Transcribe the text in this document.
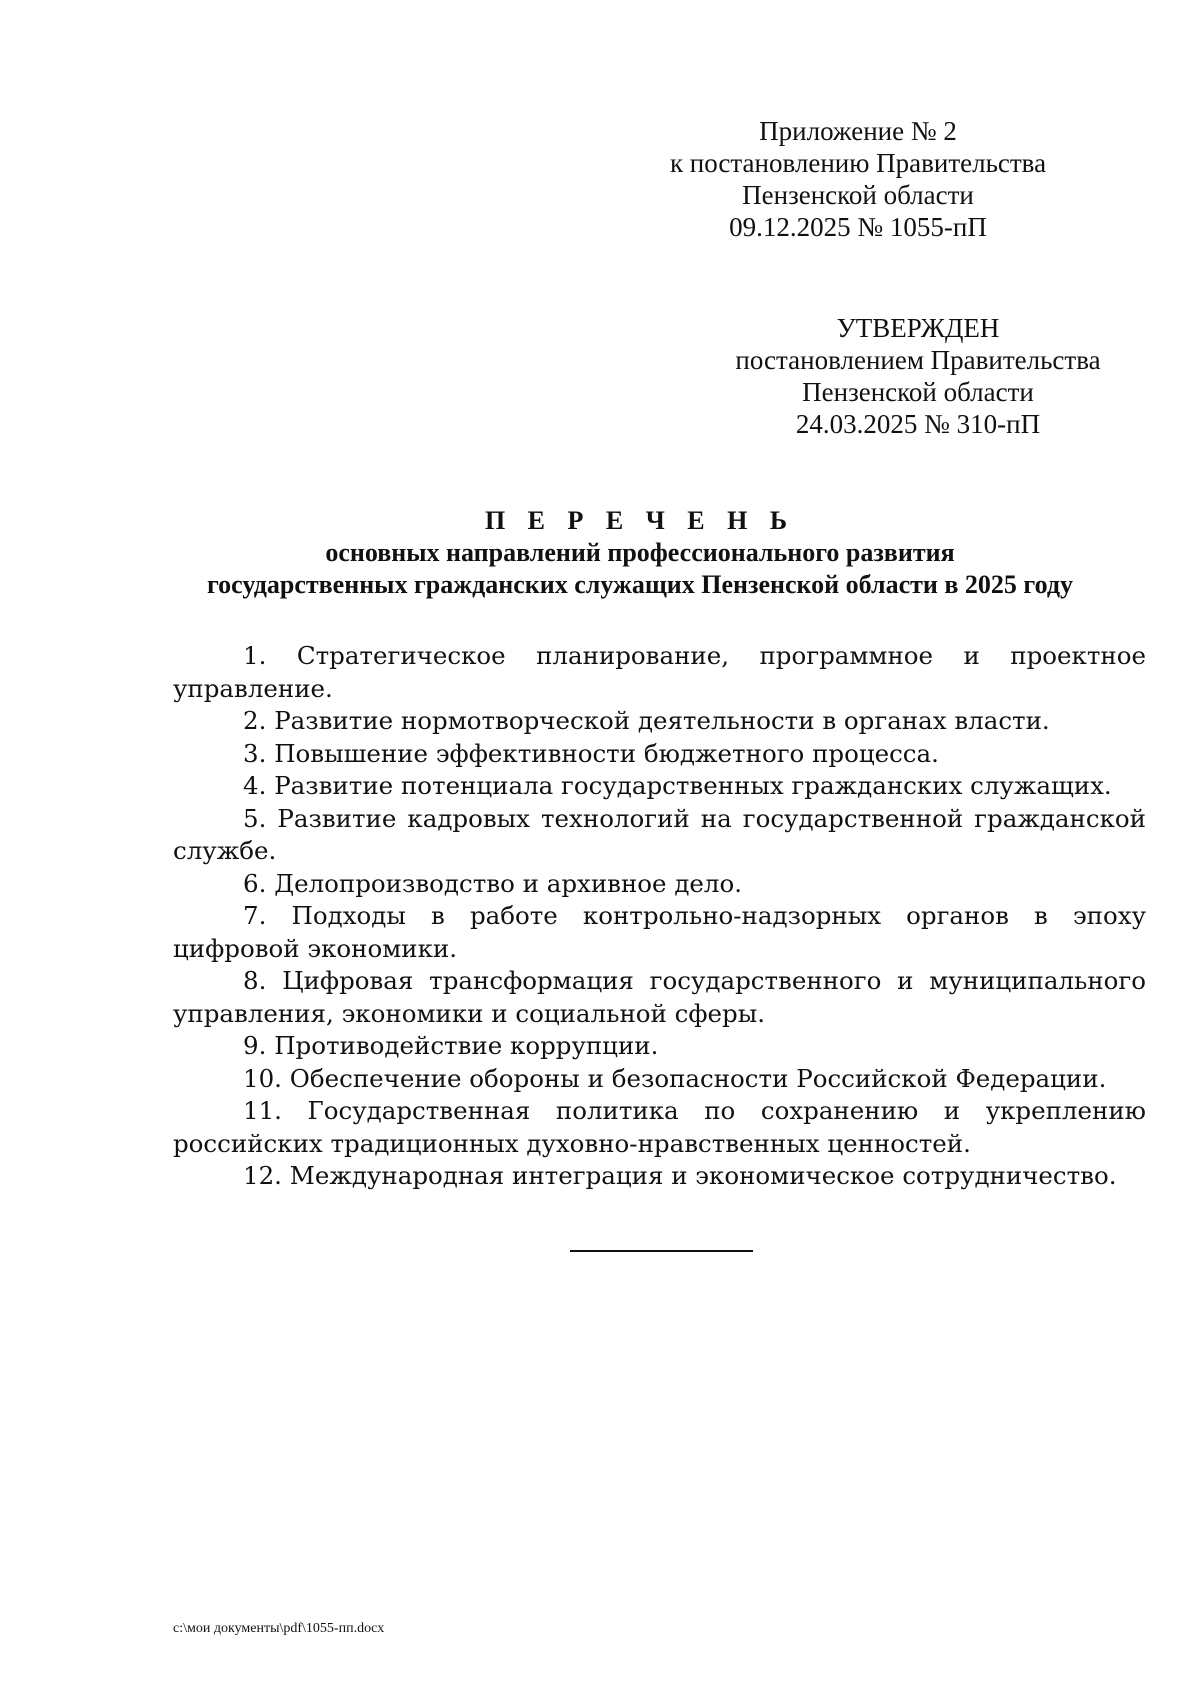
Приложение № 2
к постановлению Правительства
Пензенской области
09.12.2025 № 1055-пП
УТВЕРЖДЕН
постановлением Правительства
Пензенской области
24.03.2025 № 310-пП
П Е Р Е Ч Е Н Ь
основных направлений профессионального развития
государственных гражданских служащих Пензенской области в 2025 году

1. Стратегическое планирование, программное и проектное управление.

2. Развитие нормотворческой деятельности в органах власти.

3. Повышение эффективности бюджетного процесса.

4. Развитие потенциала государственных гражданских служащих.

5. Развитие кадровых технологий на государственной гражданской службе.

6. Делопроизводство и архивное дело.

7. Подходы в работе контрольно-надзорных органов в эпоху цифровой экономики.

8. Цифровая трансформация государственного и муниципального управления, экономики и социальной сферы.

9. Противодействие коррупции.

10. Обеспечение обороны и безопасности Российской Федерации.

11. Государственная политика по сохранению и укреплению российских традиционных духовно-нравственных ценностей.

12. Международная интеграция и экономическое сотрудничество.

c:\мои документы\pdf\1055-пп.docx
